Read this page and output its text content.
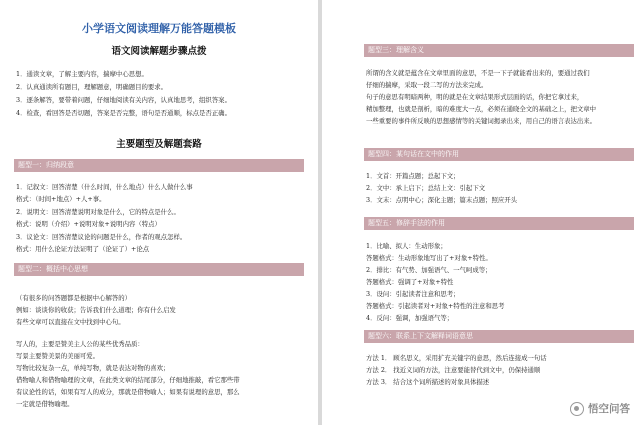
小学语文阅读理解万能答题模板
语文阅读解题步骤点拨
1．通读文章，了解主要内容，揣摩中心思想。
2．认真通读所有题目，理解题意，明确题目的要求。
3．逐条解答，要带着问题，仔细地阅读有关内容，认真地思考，组织答案。
4．检查，看回答是否切题，答案是否完整，语句是否通顺，标点是否正确。
主要题型及解题套路
题型一：归纳段意
1．记叙文：回答清楚（什么时间，什么地点）什么人做什么事
格式：（时间+地点）+人+事。
2．说明文：回答清楚说明对象是什么，它的特点是什么。
格式：说明（介绍）+说明对象+说明内容（特点）
3．议论文：回答清楚议论的问题是什么，作者的观点怎样。
格式：用什么论证方法证明了（论证了）+论点
题型二：概括中心思想
（有很多的问答题都是根据中心解答的）
例如：谈谈你的收获；告诉我们什么道理；你有什么启发
有些文章可以直接在文中找到中心句。
写人的，主要是赞美主人公的某些优秀品质：
写景主要赞美景的美丽可爱。
写物比较复杂一点，单纯写物，就是表达对物的喜欢；
借物喻人和借物喻理的文章，在此类文章的结尾部分，仔细地推敲，看它那些带
有议论性的话，如果有写人的成分，那就是借物喻人；如果有说理的意思，那么
一定就是借物喻理。
题型三：理解含义
所谓的含义就是蕴含在文章里面的意思，不是一下子就能看出来的，要通过我们
仔细的揣摩，采取一段二写的方法来完成。
句子的意思有明暗两种，明的就是在文章结果形式层面的话，你把它拿过来，
精加整理，也就是剖析，暗的难度大一点，必须在通晓全文的基础之上，把文章中
一些重要的事件所反映的思想感情等的关键词揭录出来，用自己的语言表达出来。
题型四：某句话在文中的作用
1．文首：开篇点题；总起下文；
2．文中：承上启下；总结上文：引起下文
3．文末：点明中心；深化主题；篇末点题；照应开头
题型五：修辞手法的作用
1．比喻、拟人：生动形象；
答题格式：生动形象地写出了+对象+特性。
2．排比：有气势、加强语气、一气呵成等；
答题格式：强调了+对象+特性
3．设问：引起读者注意和思考；
答题格式：引起读者对+对象+特性的注意和思考
4．反问：强调，加强语气等；
题型六：联系上下文解释词语意思
方法 1． 顾名思义，采用扩充关键字的意思，然后连接成一句话
方法 2． 找近义词的方法，注意要能替代到文中，仍保持通顺
方法 3． 结合这个词所描述的对象具体描述
悟空问答
